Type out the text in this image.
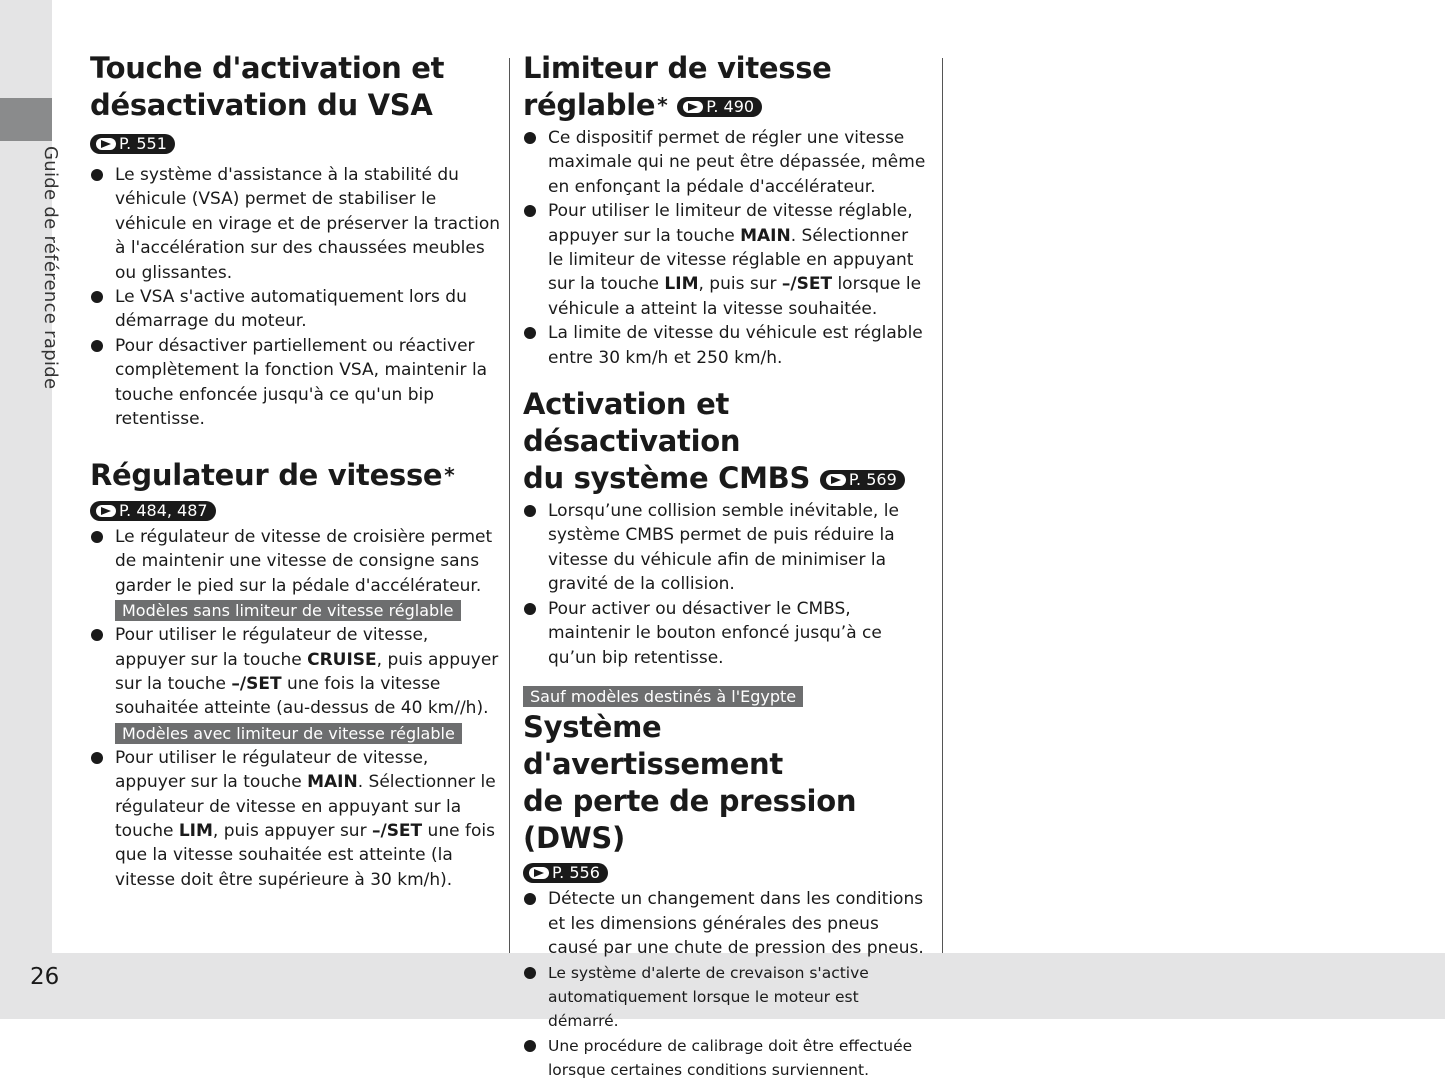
Guide de référence rapide
26
Touche d'activation et
désactivation du VSA P. 551
Le système d'assistance à la stabilité du véhicule (VSA) permet de stabiliser le véhicule en virage et de préserver la traction à l'accélération sur des chaussées meubles ou glissantes.
Le VSA s'active automatiquement lors du démarrage du moteur.
Pour désactiver partiellement ou réactiver complètement la fonction VSA, maintenir la touche enfoncée jusqu'à ce qu'un bip retentisse.
Régulateur de vitesse *
P. 484, 487
Le régulateur de vitesse de croisière permet de maintenir une vitesse de consigne sans garder le pied sur la pédale d'accélérateur.
Modèles sans limiteur de vitesse réglable
Pour utiliser le régulateur de vitesse, appuyer sur la touche CRUISE, puis appuyer sur la touche –/SET une fois la vitesse souhaitée atteinte (au-dessus de 40 km//h).
Modèles avec limiteur de vitesse réglable
Pour utiliser le régulateur de vitesse, appuyer sur la touche MAIN. Sélectionner le régulateur de vitesse en appuyant sur la touche LIM, puis appuyer sur –/SET une fois que la vitesse souhaitée est atteinte (la vitesse doit être supérieure à 30 km/h).
Limiteur de vitesse
réglable * P. 490
Ce dispositif permet de régler une vitesse maximale qui ne peut être dépassée, même en enfonçant la pédale d'accélérateur.
Pour utiliser le limiteur de vitesse réglable, appuyer sur la touche MAIN. Sélectionner le limiteur de vitesse réglable en appuyant sur la touche LIM, puis sur –/SET lorsque le véhicule a atteint la vitesse souhaitée.
La limite de vitesse du véhicule est réglable entre 30 km/h et 250 km/h.
Activation et désactivation
du système CMBS P. 569
Lorsqu’une collision semble inévitable, le système CMBS permet de puis réduire la vitesse du véhicule afin de minimiser la gravité de la collision.
Pour activer ou désactiver le CMBS, maintenir le bouton enfoncé jusqu’à ce qu’un bip retentisse.
Sauf modèles destinés à l'Egypte
Système d'avertissement
de perte de pression (DWS)
P. 556
Détecte un changement dans les conditions et les dimensions générales des pneus causé par une chute de pression des pneus.
Le système d'alerte de crevaison s'active automatiquement lorsque le moteur est démarré.
Une procédure de calibrage doit être effectuée lorsque certaines conditions surviennent.
